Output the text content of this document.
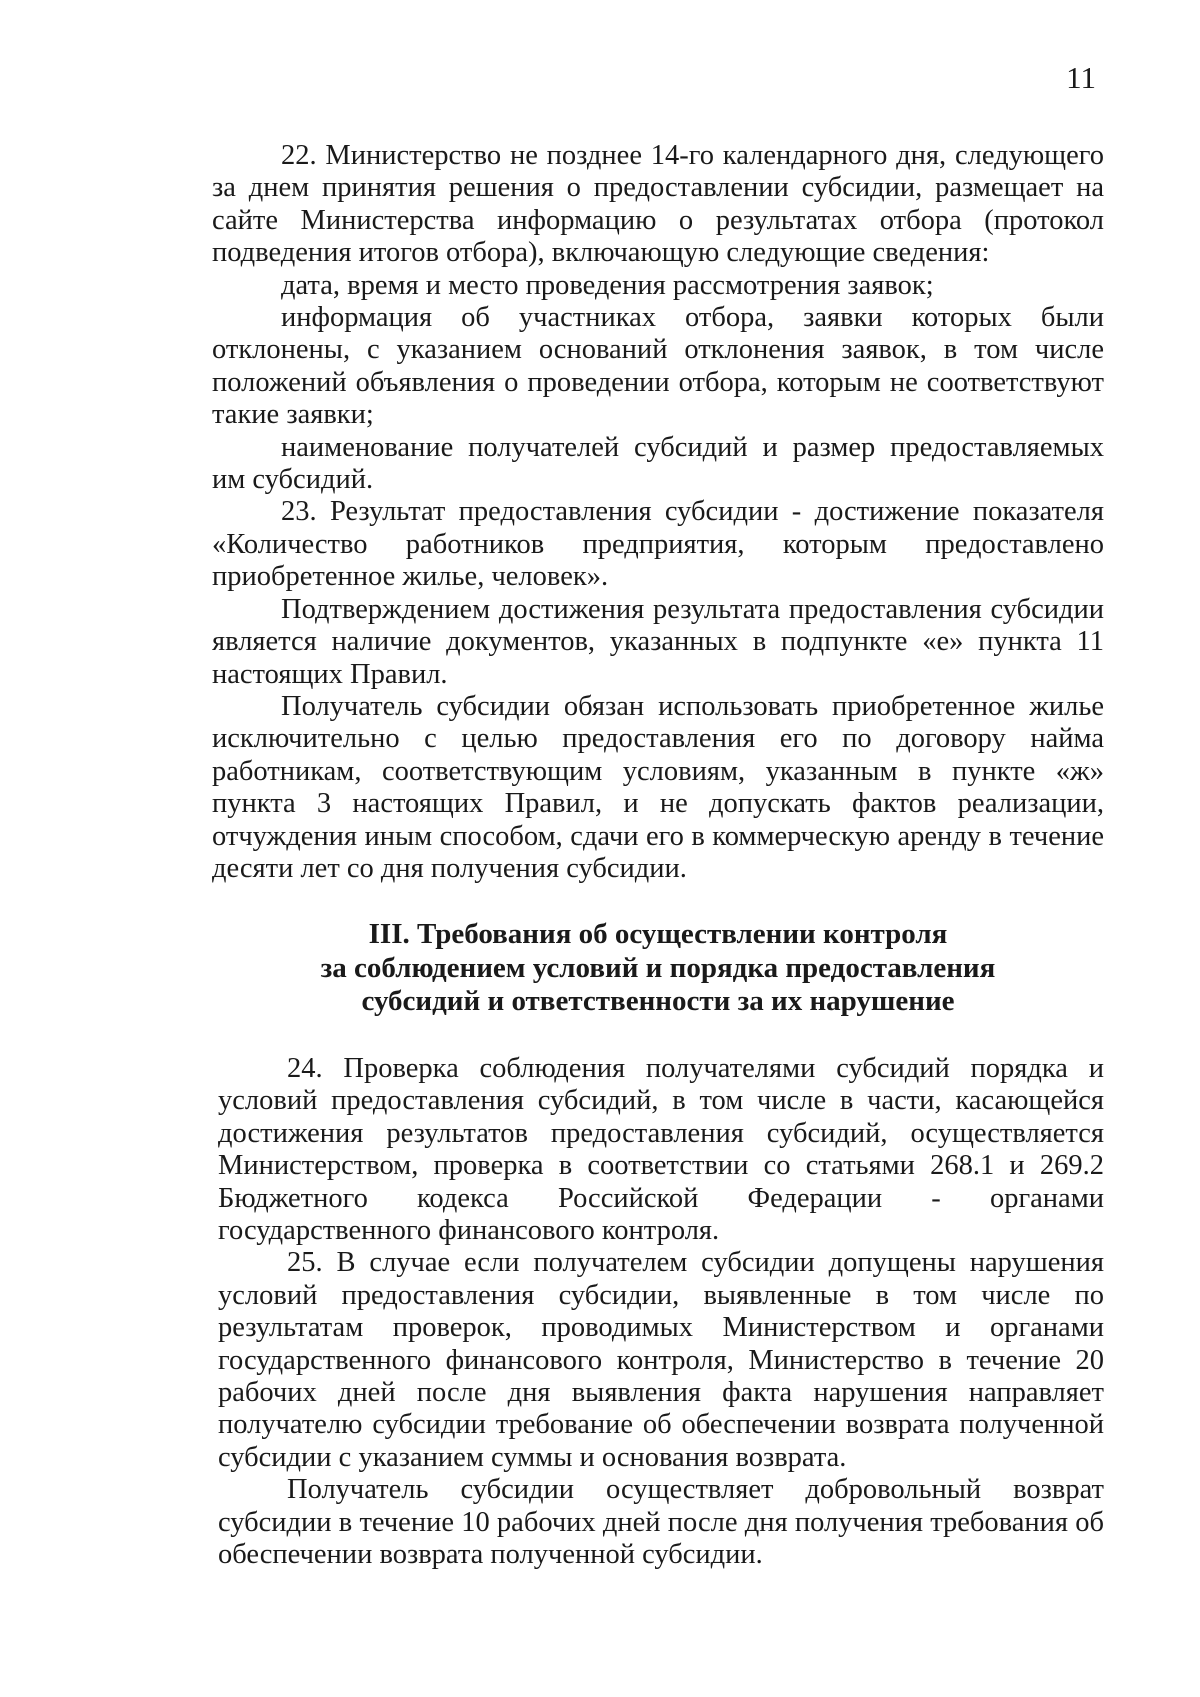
11

22. Министерство не позднее 14-го календарного дня, следующего за днем принятия решения о предоставлении субсидии, размещает на сайте Министерства информацию о результатах отбора (протокол подведения итогов отбора), включающую следующие сведения:

дата, время и место проведения рассмотрения заявок;

информация об участниках отбора, заявки которых были отклонены, с указанием оснований отклонения заявок, в том числе положений объявления о проведении отбора, которым не соответствуют такие заявки;

наименование получателей субсидий и размер предоставляемых им субсидий.

23. Результат предоставления субсидии - достижение показателя «Количество работников предприятия, которым предоставлено приобретенное жилье, человек».

Подтверждением достижения результата предоставления субсидии является наличие документов, указанных в подпункте «е» пункта 11 настоящих Правил.

Получатель субсидии обязан использовать приобретенное жилье исключительно с целью предоставления его по договору найма работникам, соответствующим условиям, указанным в пункте «ж» пункта 3 настоящих Правил, и не допускать фактов реализации, отчуждения иным способом, сдачи его в коммерческую аренду в течение десяти лет со дня получения субсидии.

III. Требования об осуществлении контроля
за соблюдением условий и порядка предоставления
субсидий и ответственности за их нарушение

24. Проверка соблюдения получателями субсидий порядка и условий предоставления субсидий, в том числе в части, касающейся достижения результатов предоставления субсидий, осуществляется Министерством, проверка в соответствии со статьями 268.1 и 269.2 Бюджетного кодекса Российской Федерации - органами государственного финансового контроля.

25. В случае если получателем субсидии допущены нарушения условий предоставления субсидии, выявленные в том числе по результатам проверок, проводимых Министерством и органами государственного финансового контроля, Министерство в течение 20 рабочих дней после дня выявления факта нарушения направляет получателю субсидии требование об обеспечении возврата полученной субсидии с указанием суммы и основания возврата.

Получатель субсидии осуществляет добровольный возврат субсидии в течение 10 рабочих дней после дня получения требования об обеспечении возврата полученной субсидии.
